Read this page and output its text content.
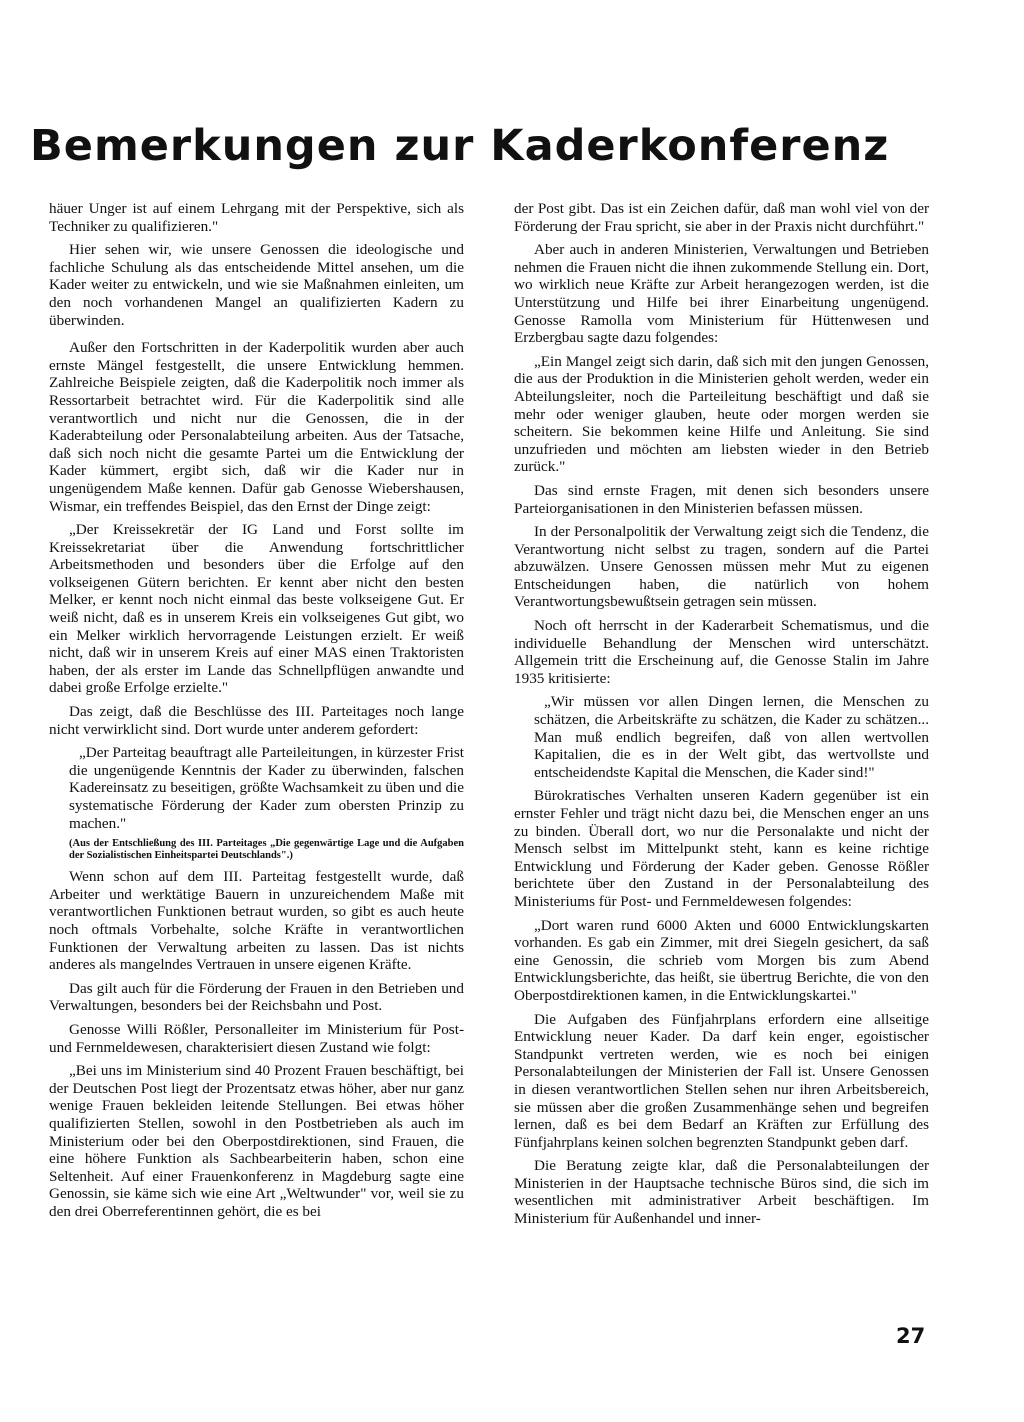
Bemerkungen zur Kaderkonferenz

häuer Unger ist auf einem Lehrgang mit der Perspektive, sich als Techniker zu qualifizieren."

Hier sehen wir, wie unsere Genossen die ideologische und fachliche Schulung als das entscheidende Mittel ansehen, um die Kader weiter zu entwickeln, und wie sie Maßnahmen einleiten, um den noch vorhandenen Mangel an qualifizierten Kadern zu überwinden.

Außer den Fortschritten in der Kaderpolitik wurden aber auch ernste Mängel festgestellt, die unsere Entwicklung hemmen. Zahlreiche Beispiele zeigten, daß die Kaderpolitik noch immer als Ressortarbeit betrachtet wird. Für die Kaderpolitik sind alle verantwortlich und nicht nur die Genossen, die in der Kaderabteilung oder Personalabteilung arbeiten. Aus der Tatsache, daß sich noch nicht die gesamte Partei um die Entwicklung der Kader kümmert, ergibt sich, daß wir die Kader nur in ungenügendem Maße kennen. Dafür gab Genosse Wiebershausen, Wismar, ein treffendes Beispiel, das den Ernst der Dinge zeigt:

„Der Kreissekretär der IG Land und Forst sollte im Kreissekretariat über die Anwendung fortschrittlicher Arbeitsmethoden und besonders über die Erfolge auf den volkseigenen Gütern berichten. Er kennt aber nicht den besten Melker, er kennt noch nicht einmal das beste volkseigene Gut. Er weiß nicht, daß es in unserem Kreis ein volkseigenes Gut gibt, wo ein Melker wirklich hervorragende Leistungen erzielt. Er weiß nicht, daß wir in unserem Kreis auf einer MAS einen Traktoristen haben, der als erster im Lande das Schnellpflügen anwandte und dabei große Erfolge erzielte."

Das zeigt, daß die Beschlüsse des III. Parteitages noch lange nicht verwirklicht sind. Dort wurde unter anderem gefordert:

„Der Parteitag beauftragt alle Parteileitungen, in kürzester Frist die ungenügende Kenntnis der Kader zu überwinden, falschen Kadereinsatz zu beseitigen, größte Wachsamkeit zu üben und die systematische Förderung der Kader zum obersten Prinzip zu machen."

(Aus der Entschließung des III. Parteitages „Die gegenwärtige Lage und die Aufgaben der Sozialistischen Einheitspartei Deutschlands".)

Wenn schon auf dem III. Parteitag festgestellt wurde, daß Arbeiter und werktätige Bauern in unzureichendem Maße mit verantwortlichen Funktionen betraut wurden, so gibt es auch heute noch oftmals Vorbehalte, solche Kräfte in verantwortlichen Funktionen der Verwaltung arbeiten zu lassen. Das ist nichts anderes als mangelndes Vertrauen in unsere eigenen Kräfte.

Das gilt auch für die Förderung der Frauen in den Betrieben und Verwaltungen, besonders bei der Reichsbahn und Post.

Genosse Willi Rößler, Personalleiter im Ministerium für Post- und Fernmeldewesen, charakterisiert diesen Zustand wie folgt:

„Bei uns im Ministerium sind 40 Prozent Frauen beschäftigt, bei der Deutschen Post liegt der Prozentsatz etwas höher, aber nur ganz wenige Frauen bekleiden leitende Stellungen. Bei etwas höher qualifizierten Stellen, sowohl in den Postbetrieben als auch im Ministerium oder bei den Oberpostdirektionen, sind Frauen, die eine höhere Funktion als Sachbearbeiterin haben, schon eine Seltenheit. Auf einer Frauenkonferenz in Magdeburg sagte eine Genossin, sie käme sich wie eine Art „Weltwunder" vor, weil sie zu den drei Oberreferentinnen gehört, die es bei

der Post gibt. Das ist ein Zeichen dafür, daß man wohl viel von der Förderung der Frau spricht, sie aber in der Praxis nicht durchführt."

Aber auch in anderen Ministerien, Verwaltungen und Betrieben nehmen die Frauen nicht die ihnen zukommende Stellung ein. Dort, wo wirklich neue Kräfte zur Arbeit herangezogen werden, ist die Unterstützung und Hilfe bei ihrer Einarbeitung ungenügend. Genosse Ramolla vom Ministerium für Hüttenwesen und Erzbergbau sagte dazu folgendes:

„Ein Mangel zeigt sich darin, daß sich mit den jungen Genossen, die aus der Produktion in die Ministerien geholt werden, weder ein Abteilungsleiter, noch die Parteileitung beschäftigt und daß sie mehr oder weniger glauben, heute oder morgen werden sie scheitern. Sie bekommen keine Hilfe und Anleitung. Sie sind unzufrieden und möchten am liebsten wieder in den Betrieb zurück."

Das sind ernste Fragen, mit denen sich besonders unsere Parteiorganisationen in den Ministerien befassen müssen.

In der Personalpolitik der Verwaltung zeigt sich die Tendenz, die Verantwortung nicht selbst zu tragen, sondern auf die Partei abzuwälzen. Unsere Genossen müssen mehr Mut zu eigenen Entscheidungen haben, die natürlich von hohem Verantwortungsbewußtsein getragen sein müssen.

Noch oft herrscht in der Kaderarbeit Schematismus, und die individuelle Behandlung der Menschen wird unterschätzt. Allgemein tritt die Erscheinung auf, die Genosse Stalin im Jahre 1935 kritisierte:

„Wir müssen vor allen Dingen lernen, die Menschen zu schätzen, die Arbeitskräfte zu schätzen, die Kader zu schätzen... Man muß endlich begreifen, daß von allen wertvollen Kapitalien, die es in der Welt gibt, das wertvollste und entscheidendste Kapital die Menschen, die Kader sind!"

Bürokratisches Verhalten unseren Kadern gegenüber ist ein ernster Fehler und trägt nicht dazu bei, die Menschen enger an uns zu binden. Überall dort, wo nur die Personalakte und nicht der Mensch selbst im Mittelpunkt steht, kann es keine richtige Entwicklung und Förderung der Kader geben. Genosse Rößler berichtete über den Zustand in der Personalabteilung des Ministeriums für Post- und Fernmeldewesen folgendes:

„Dort waren rund 6000 Akten und 6000 Entwicklungskarten vorhanden. Es gab ein Zimmer, mit drei Siegeln gesichert, da saß eine Genossin, die schrieb vom Morgen bis zum Abend Entwicklungsberichte, das heißt, sie übertrug Berichte, die von den Oberpostdirektionen kamen, in die Entwicklungskartei."

Die Aufgaben des Fünfjahrplans erfordern eine allseitige Entwicklung neuer Kader. Da darf kein enger, egoistischer Standpunkt vertreten werden, wie es noch bei einigen Personalabteilungen der Ministerien der Fall ist. Unsere Genossen in diesen verantwortlichen Stellen sehen nur ihren Arbeitsbereich, sie müssen aber die großen Zusammenhänge sehen und begreifen lernen, daß es bei dem Bedarf an Kräften zur Erfüllung des Fünfjahrplans keinen solchen begrenzten Standpunkt geben darf.

Die Beratung zeigte klar, daß die Personalabteilungen der Ministerien in der Hauptsache technische Büros sind, die sich im wesentlichen mit administrativer Arbeit beschäftigen. Im Ministerium für Außenhandel und inner-

27
